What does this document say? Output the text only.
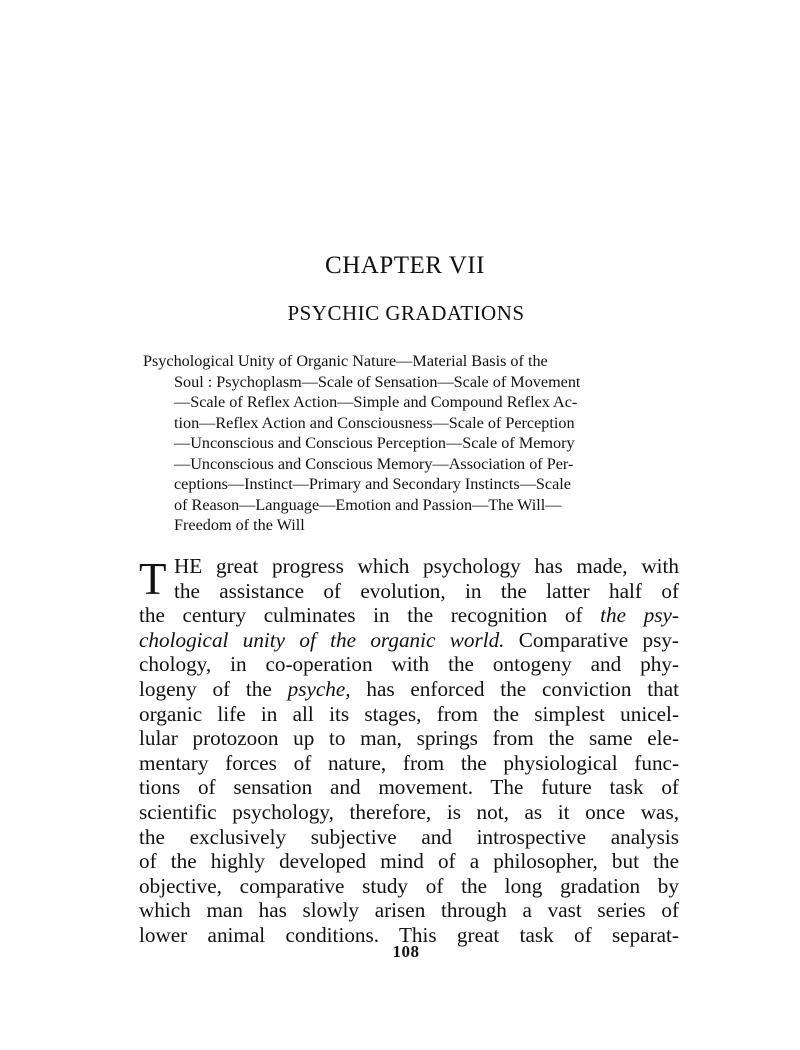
CHAPTER VII
PSYCHIC GRADATIONS
Psychological Unity of Organic Nature—Material Basis of the
Soul : Psychoplasm—Scale of Sensation—Scale of Movement
—Scale of Reflex Action—Simple and Compound Reflex Ac-
tion—Reflex Action and Consciousness—Scale of Perception
—Unconscious and Conscious Perception—Scale of Memory
—Unconscious and Conscious Memory—Association of Per-
ceptions—Instinct—Primary and Secondary Instincts—Scale
of Reason—Language—Emotion and Passion—The Will—
Freedom of the Will
T HE great progress which psychology has made, with
the assistance of evolution, in the latter half of
the century culminates in the recognition of the psy-
chological unity of the organic world. Comparative psy-
chology, in co-operation with the ontogeny and phy-
logeny of the psyche, has enforced the conviction that
organic life in all its stages, from the simplest unicel-
lular protozoon up to man, springs from the same ele-
mentary forces of nature, from the physiological func-
tions of sensation and movement. The future task of
scientific psychology, therefore, is not, as it once was,
the exclusively subjective and introspective analysis
of the highly developed mind of a philosopher, but the
objective, comparative study of the long gradation by
which man has slowly arisen through a vast series of
lower animal conditions. This great task of separat-
108
